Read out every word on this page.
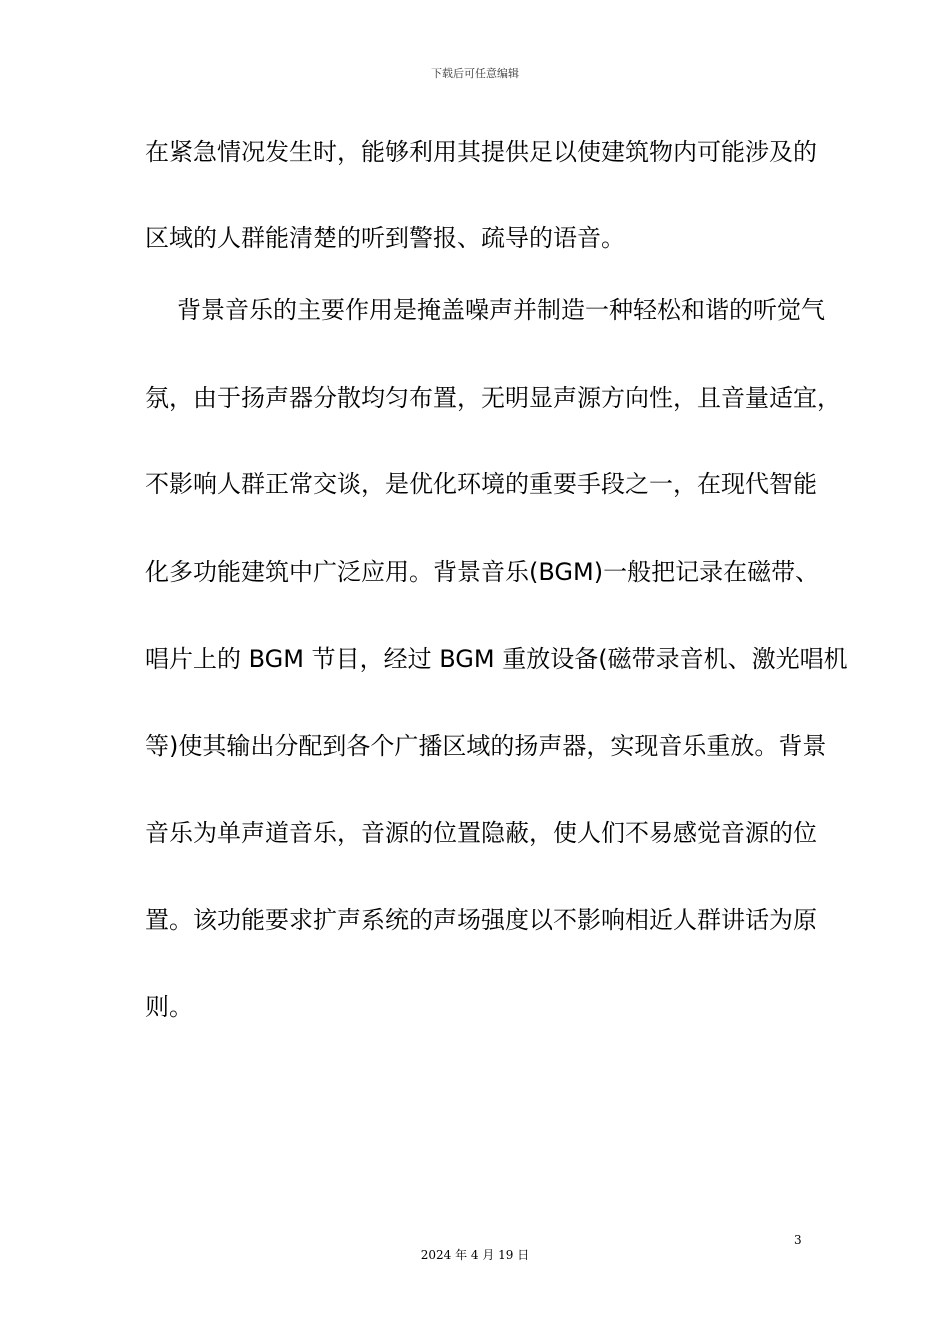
下载后可任意编辑
在紧急情况发生时，能够利用其提供足以使建筑物内可能涉及的
区域的人群能清楚的听到警报、疏导的语音。
背景音乐的主要作用是掩盖噪声并制造一种轻松和谐的听觉气
氛，由于扬声器分散均匀布置，无明显声源方向性，且音量适宜，
不影响人群正常交谈，是优化环境的重要手段之一，在现代智能
化多功能建筑中广泛应用。背景音乐(BGM)一般把记录在磁带、
唱片上的 BGM 节目，经过 BGM 重放设备(磁带录音机、激光唱机
等)使其输出分配到各个广播区域的扬声器，实现音乐重放。背景
音乐为单声道音乐，音源的位置隐蔽，使人们不易感觉音源的位
置。该功能要求扩声系统的声场强度以不影响相近人群讲话为原
则。
3
2024 年 4 月 19 日
